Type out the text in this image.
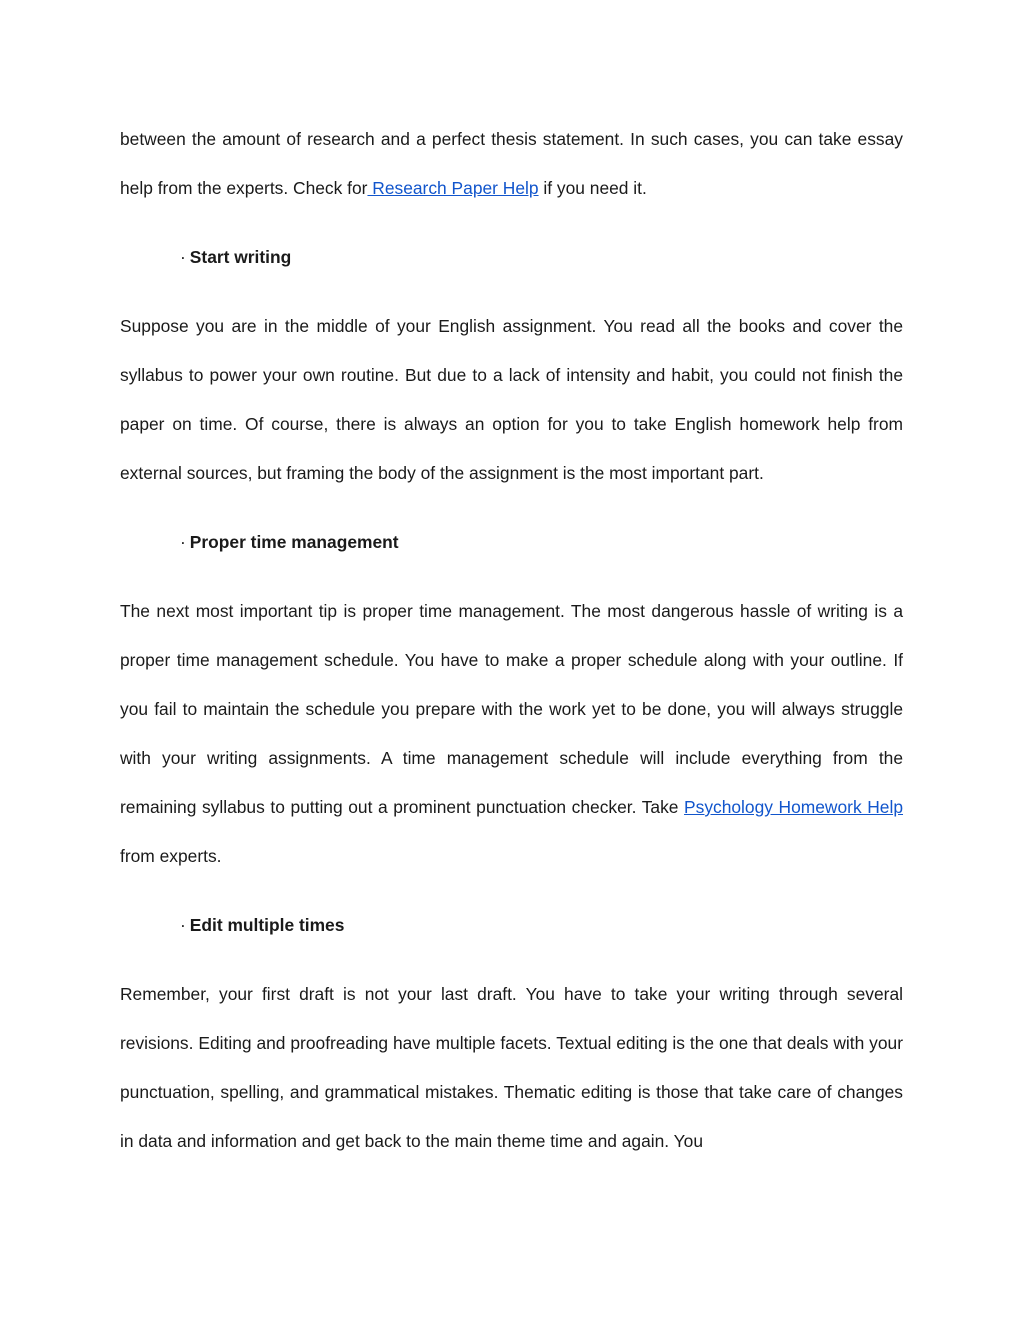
between the amount of research and a perfect thesis statement. In such cases, you can take essay help from the experts. Check for Research Paper Help if you need it.

· Start writing

Suppose you are in the middle of your English assignment. You read all the books and cover the syllabus to power your own routine. But due to a lack of intensity and habit, you could not finish the paper on time. Of course, there is always an option for you to take English homework help from external sources, but framing the body of the assignment is the most important part.

· Proper time management

The next most important tip is proper time management. The most dangerous hassle of writing is a proper time management schedule. You have to make a proper schedule along with your outline. If you fail to maintain the schedule you prepare with the work yet to be done, you will always struggle with your writing assignments. A time management schedule will include everything from the remaining syllabus to putting out a prominent punctuation checker. Take Psychology Homework Help from experts.

· Edit multiple times

Remember, your first draft is not your last draft. You have to take your writing through several revisions. Editing and proofreading have multiple facets. Textual editing is the one that deals with your punctuation, spelling, and grammatical mistakes. Thematic editing is those that take care of changes in data and information and get back to the main theme time and again. You
